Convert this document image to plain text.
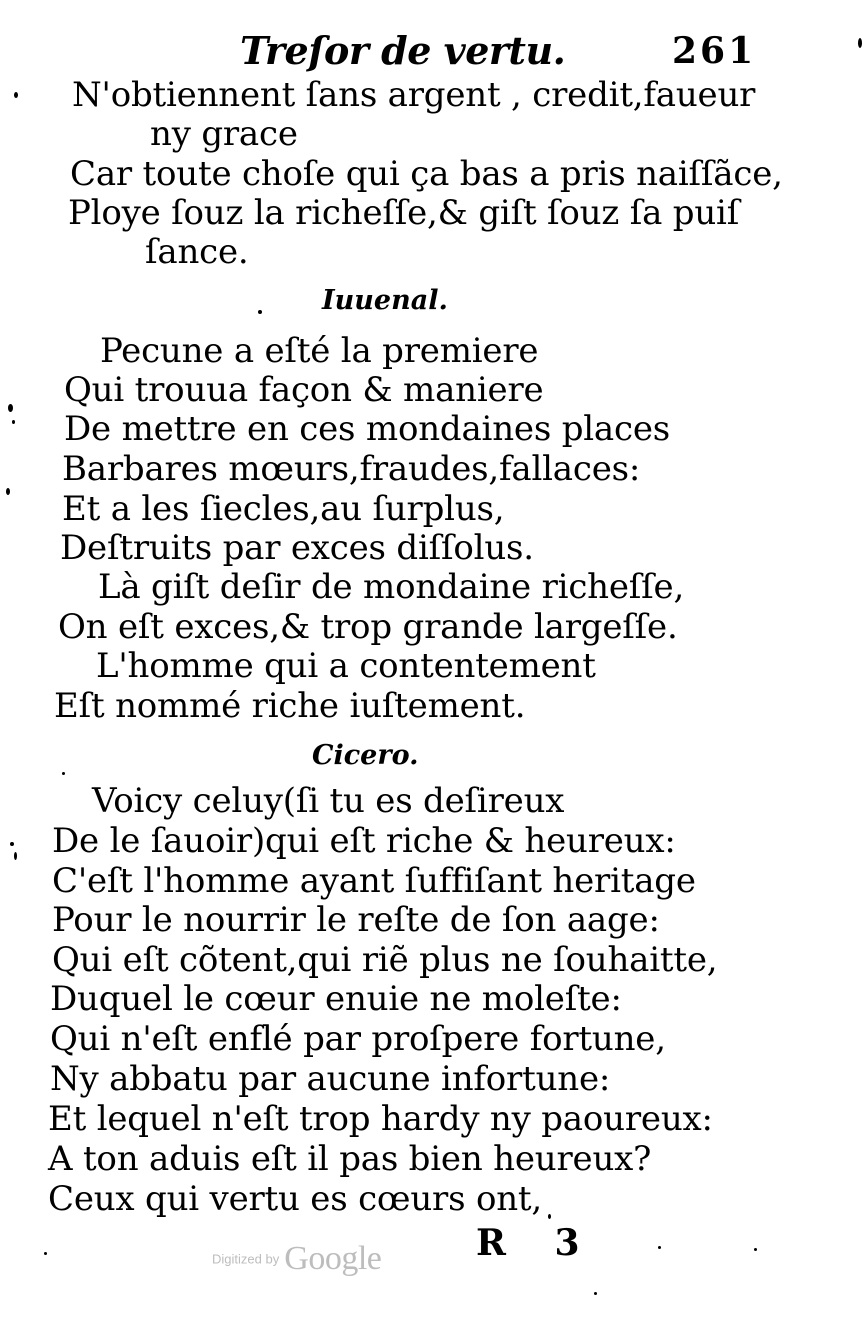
Treſor de vertu.	261
N'obtiennent ſans argent , credit,faueur
ny grace
Car toute choſe qui ça bas a pris naiſſãce,
Ploye ſouz la richeſſe,& giſt ſouz ſa puiſ
ſance.
Iuuenal.
Pecune a eſté la premiere
Qui trouua façon & maniere
De mettre en ces mondaines places
Barbares mœurs,fraudes,fallaces:
Et a les ſiecles,au ſurplus,
Deſtruits par exces diſſolus.
Là giſt deſir de mondaine richeſſe,
On eſt exces,& trop grande largeſſe.
L'homme qui a contentement
Eſt nommé riche iuſtement.
Cicero.
Voicy celuy(ſi tu es deſireux
De le ſauoir)qui eſt riche & heureux:
C'eſt l'homme ayant ſuffiſant heritage
Pour le nourrir le reſte de ſon aage:
Qui eſt cõtent,qui riẽ plus ne ſouhaitte,
Duquel le cœur enuie ne moleſte:
Qui n'eſt enflé par proſpere fortune,
Ny abbatu par aucune infortune:
Et lequel n'eſt trop hardy ny paoureux:
A ton aduis eſt il pas bien heureux?
Ceux qui vertu es cœurs ont,
R 3
Digitized by Google
